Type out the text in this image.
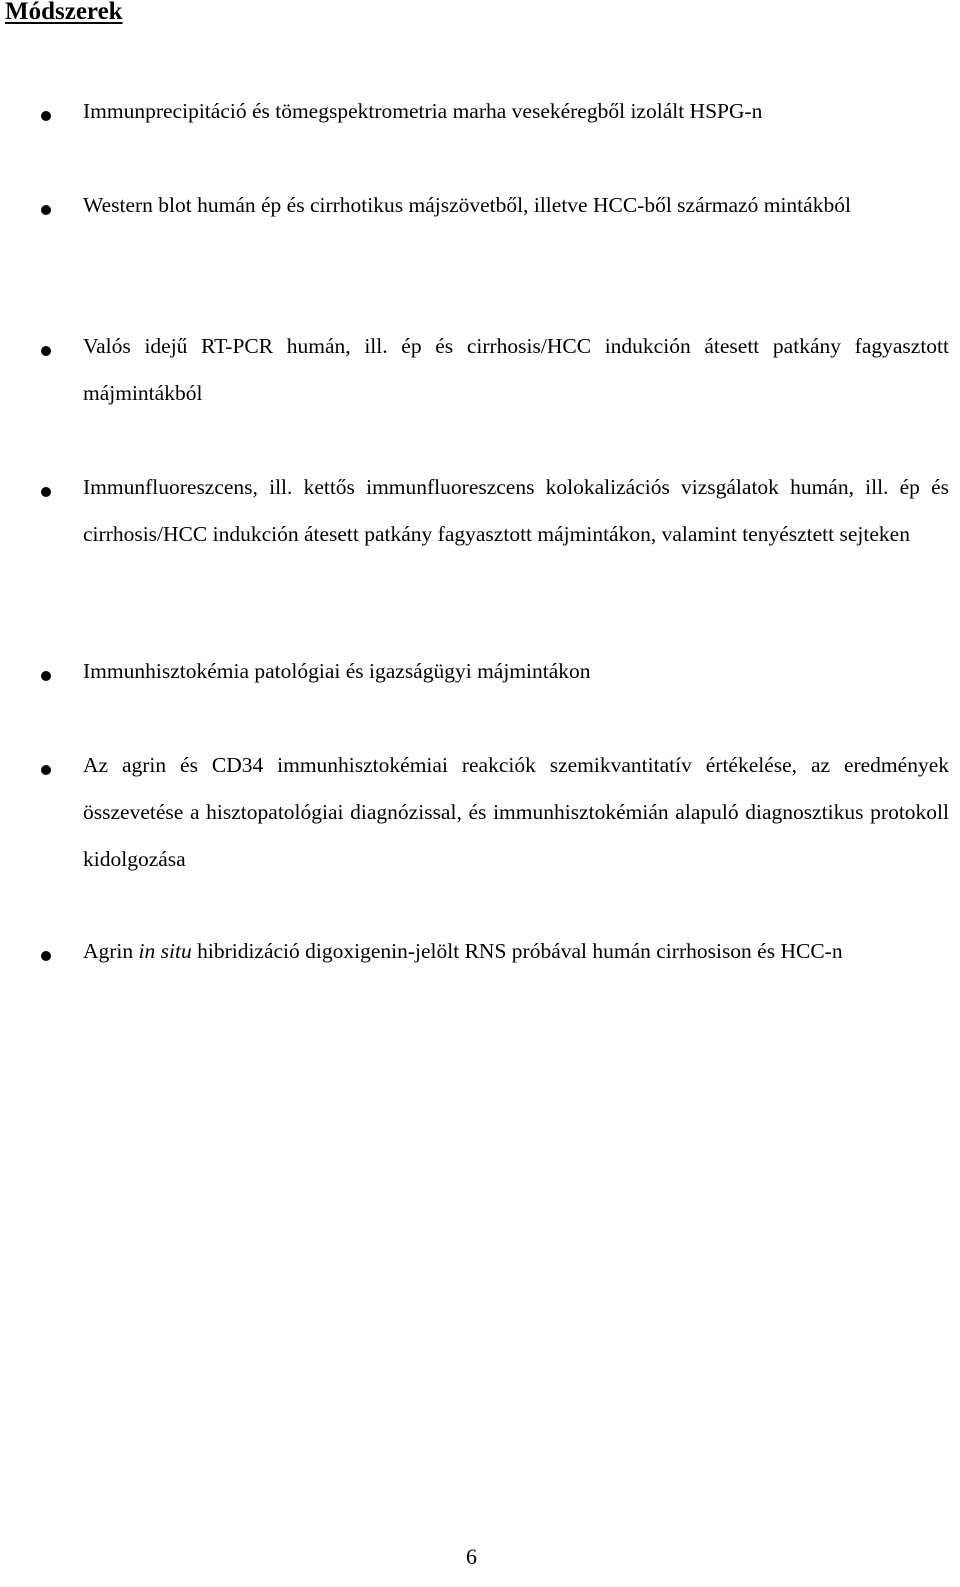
Módszerek
Immunprecipitáció és tömegspektrometria marha vesekéregből izolált HSPG-n
Western blot humán ép és cirrhotikus májszövetből, illetve HCC-ből származó mintákból
Valós idejű RT-PCR humán, ill. ép és cirrhosis/HCC indukción átesett patkány fagyasztott májmintákból
Immunfluoreszcens, ill. kettős immunfluoreszcens kolokalizációs vizsgálatok humán, ill. ép és cirrhosis/HCC indukción átesett patkány fagyasztott májmintákon, valamint tenyésztett sejteken
Immunhisztokémia patológiai és igazságügyi májmintákon
Az agrin és CD34 immunhisztokémiai reakciók szemikvantitatív értékelése, az eredmények összevetése a hisztopatológiai diagnózissal, és immunhisztokémián alapuló diagnosztikus protokoll kidolgozása
Agrin in situ hibridizáció digoxigenin-jelölt RNS próbával humán cirrhosison és HCC-n
6
